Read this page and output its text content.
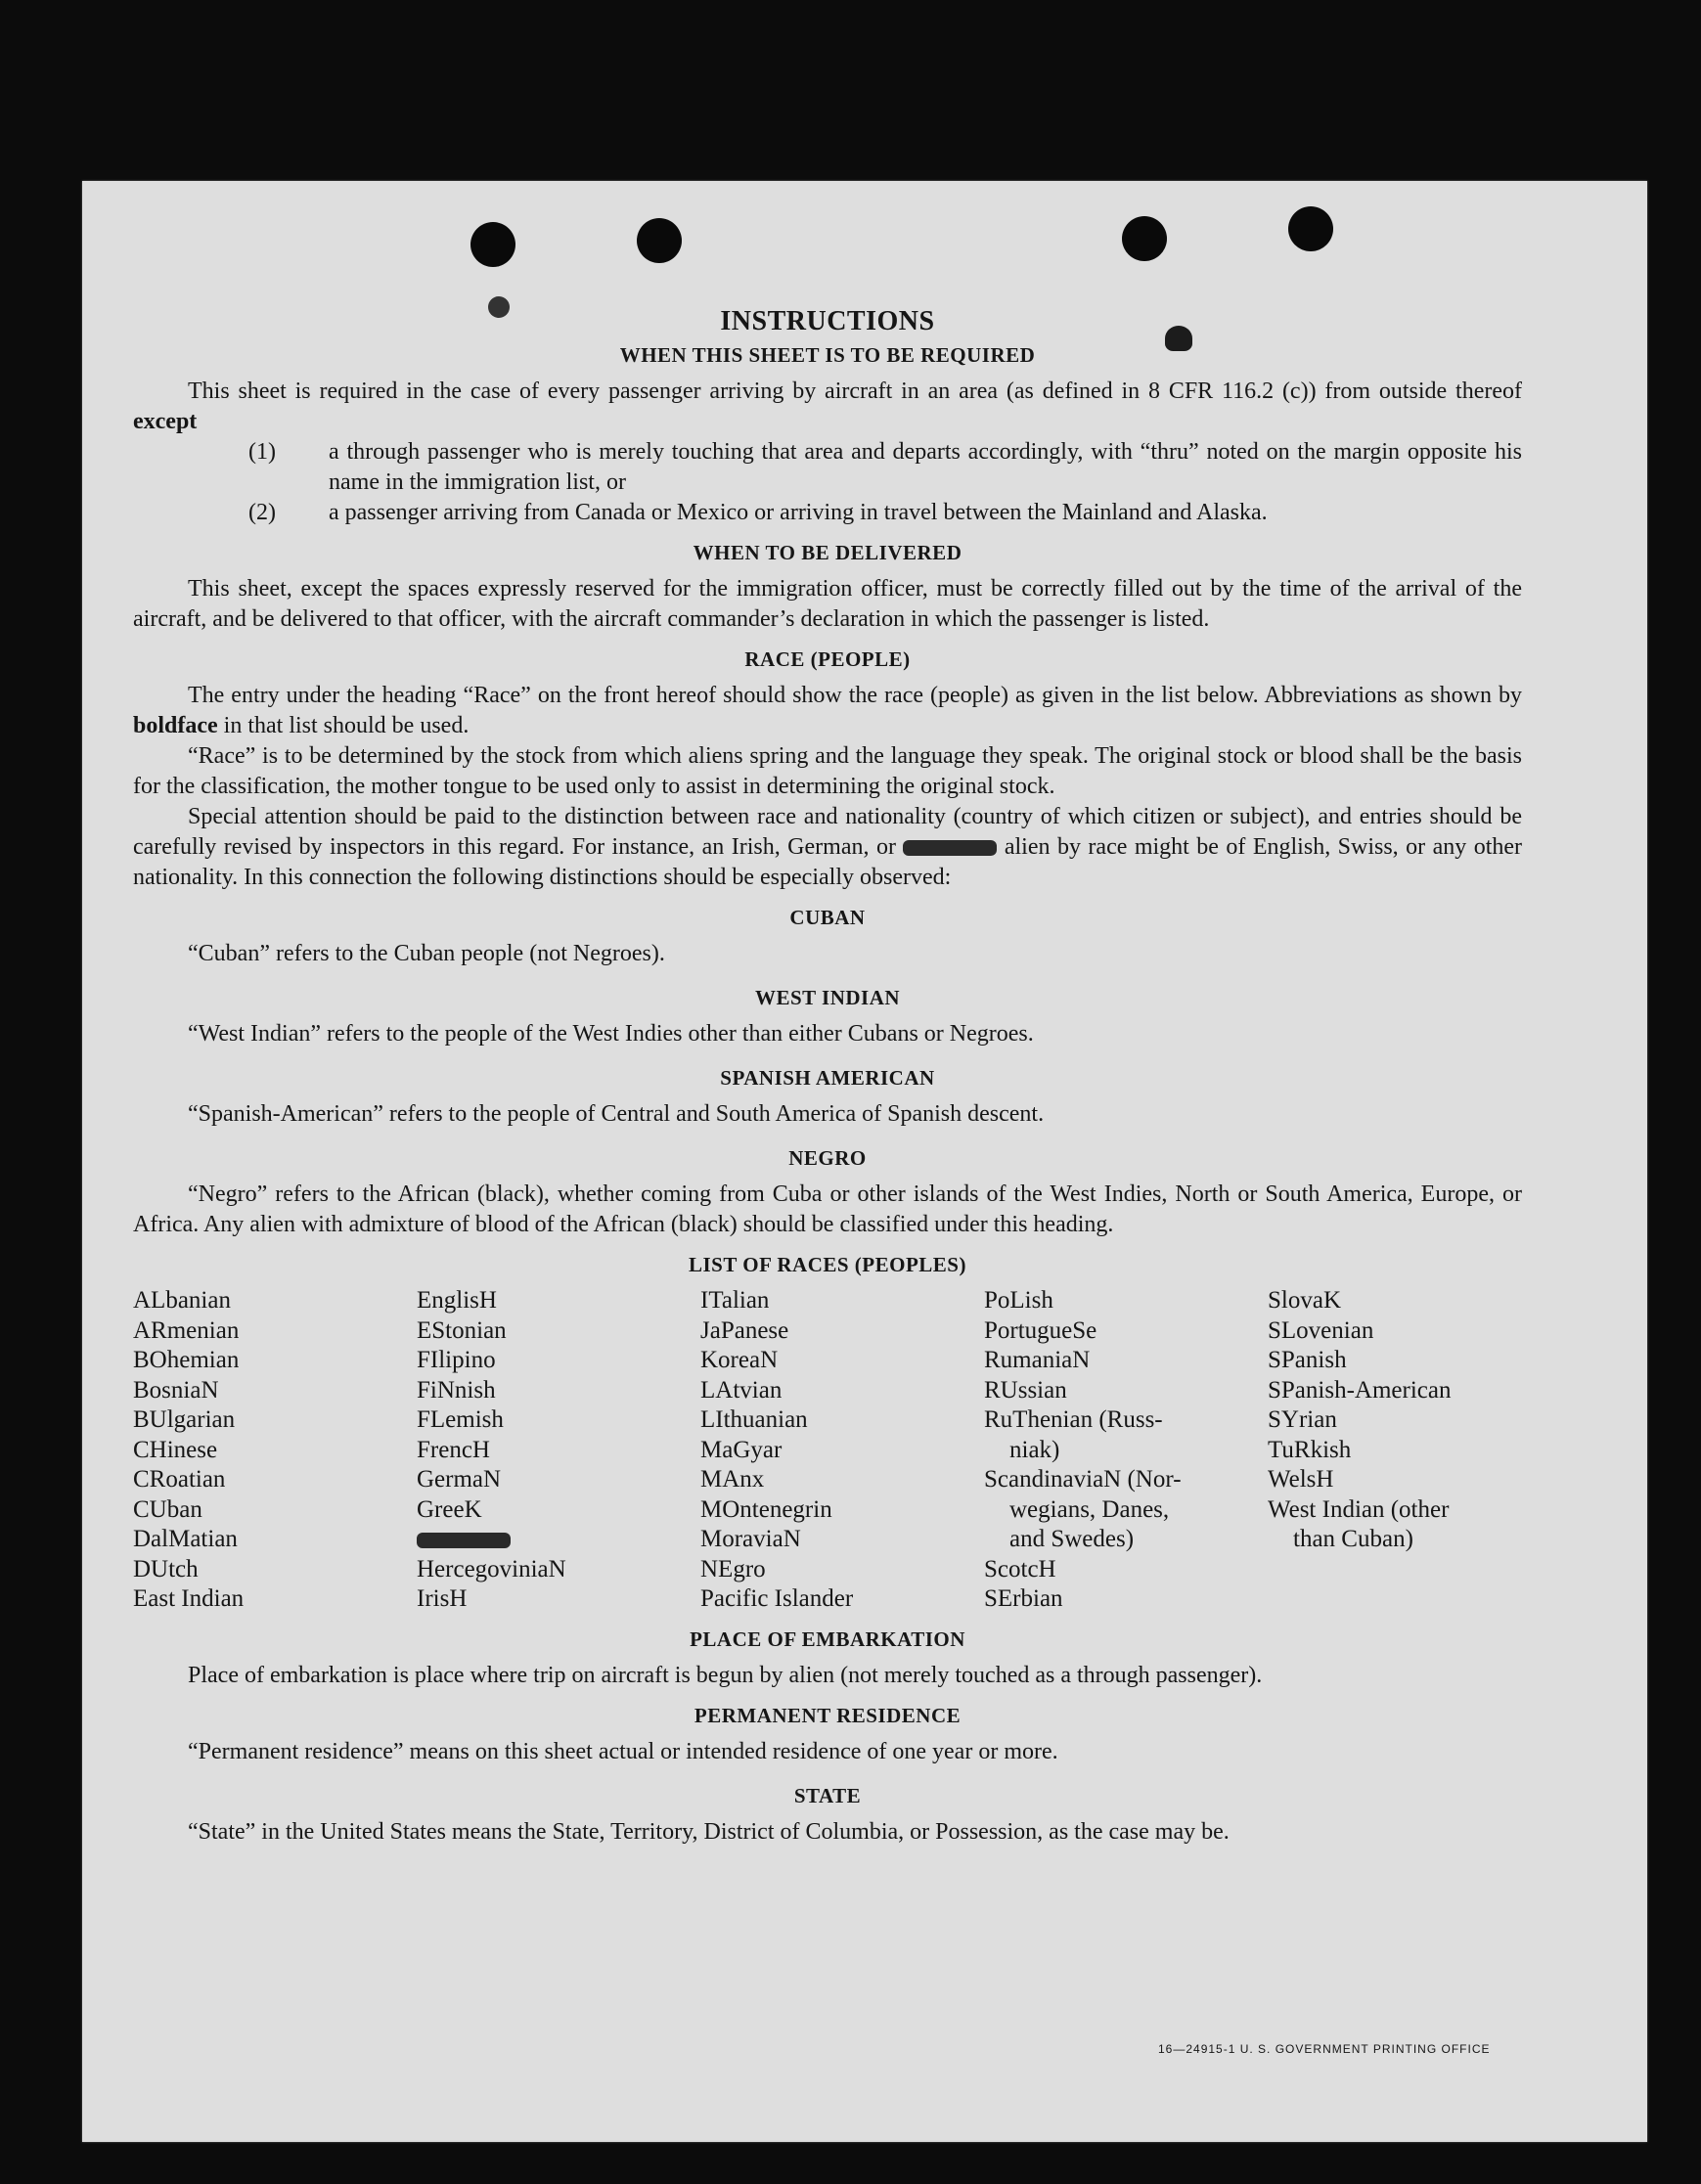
INSTRUCTIONS
WHEN THIS SHEET IS TO BE REQUIRED

This sheet is required in the case of every passenger arriving by aircraft in an area (as defined in 8 CFR 116.2 (c)) from outside thereof except

(1) a through passenger who is merely touching that area and departs accordingly, with “thru” noted on the margin opposite his name in the immigration list, or
(2) a passenger arriving from Canada or Mexico or arriving in travel between the Mainland and Alaska.
WHEN TO BE DELIVERED

This sheet, except the spaces expressly reserved for the immigration officer, must be correctly filled out by the time of the arrival of the aircraft, and be delivered to that officer, with the aircraft commander’s declaration in which the passenger is listed.

RACE (PEOPLE)

The entry under the heading “Race” on the front hereof should show the race (people) as given in the list below. Abbreviations as shown by boldface in that list should be used.

“Race” is to be determined by the stock from which aliens spring and the language they speak. The original stock or blood shall be the basis for the classification, the mother tongue to be used only to assist in determining the original stock.

Special attention should be paid to the distinction between race and nationality (country of which citizen or subject), and entries should be carefully revised by inspectors in this regard. For instance, an Irish, German, or	alien by race might be of English, Swiss, or any other nationality. In this connection the following distinctions should be especially observed:

CUBAN

“Cuban” refers to the Cuban people (not Negroes).

WEST INDIAN

“West Indian” refers to the people of the West Indies other than either Cubans or Negroes.

SPANISH AMERICAN

“Spanish-American” refers to the people of Central and South America of Spanish descent.

NEGRO

“Negro” refers to the African (black), whether coming from Cuba or other islands of the West Indies, North or South America, Europe, or Africa. Any alien with admixture of blood of the African (black) should be classified under this heading.

LIST OF RACES (PEOPLES)
ALbanian
ARmenian
BOhemian
BosniaN
BUlgarian
CHinese
CRoatian
CUban
DalMatian
DUtch
East Indian
EnglisH
EStonian
FIlipino
FiNnish
FLemish
FrencH
GermaN
GreeK
HercegoviniaN
IrisH
ITalian
JaPanese
KoreaN
LAtvian
LIthuanian
MaGyar
MAnx
MOntenegrin
MoraviaN
NEgro
Pacific Islander
PoLish
PortugueSe
RumaniaN
RUssian
RuThenian (Russ-
niak)
ScandinaviaN (Nor-
wegians, Danes,
and Swedes)
ScotcH
SErbian
SlovaK
SLovenian
SPanish
SPanish-American
SYrian
TuRkish
WelsH
West Indian (other
than Cuban)
PLACE OF EMBARKATION

Place of embarkation is place where trip on aircraft is begun by alien (not merely touched as a through passenger).

PERMANENT RESIDENCE

“Permanent residence” means on this sheet actual or intended residence of one year or more.

STATE

“State” in the United States means the State, Territory, District of Columbia, or Possession, as the case may be.

16—24915-1 U. S. GOVERNMENT PRINTING OFFICE
